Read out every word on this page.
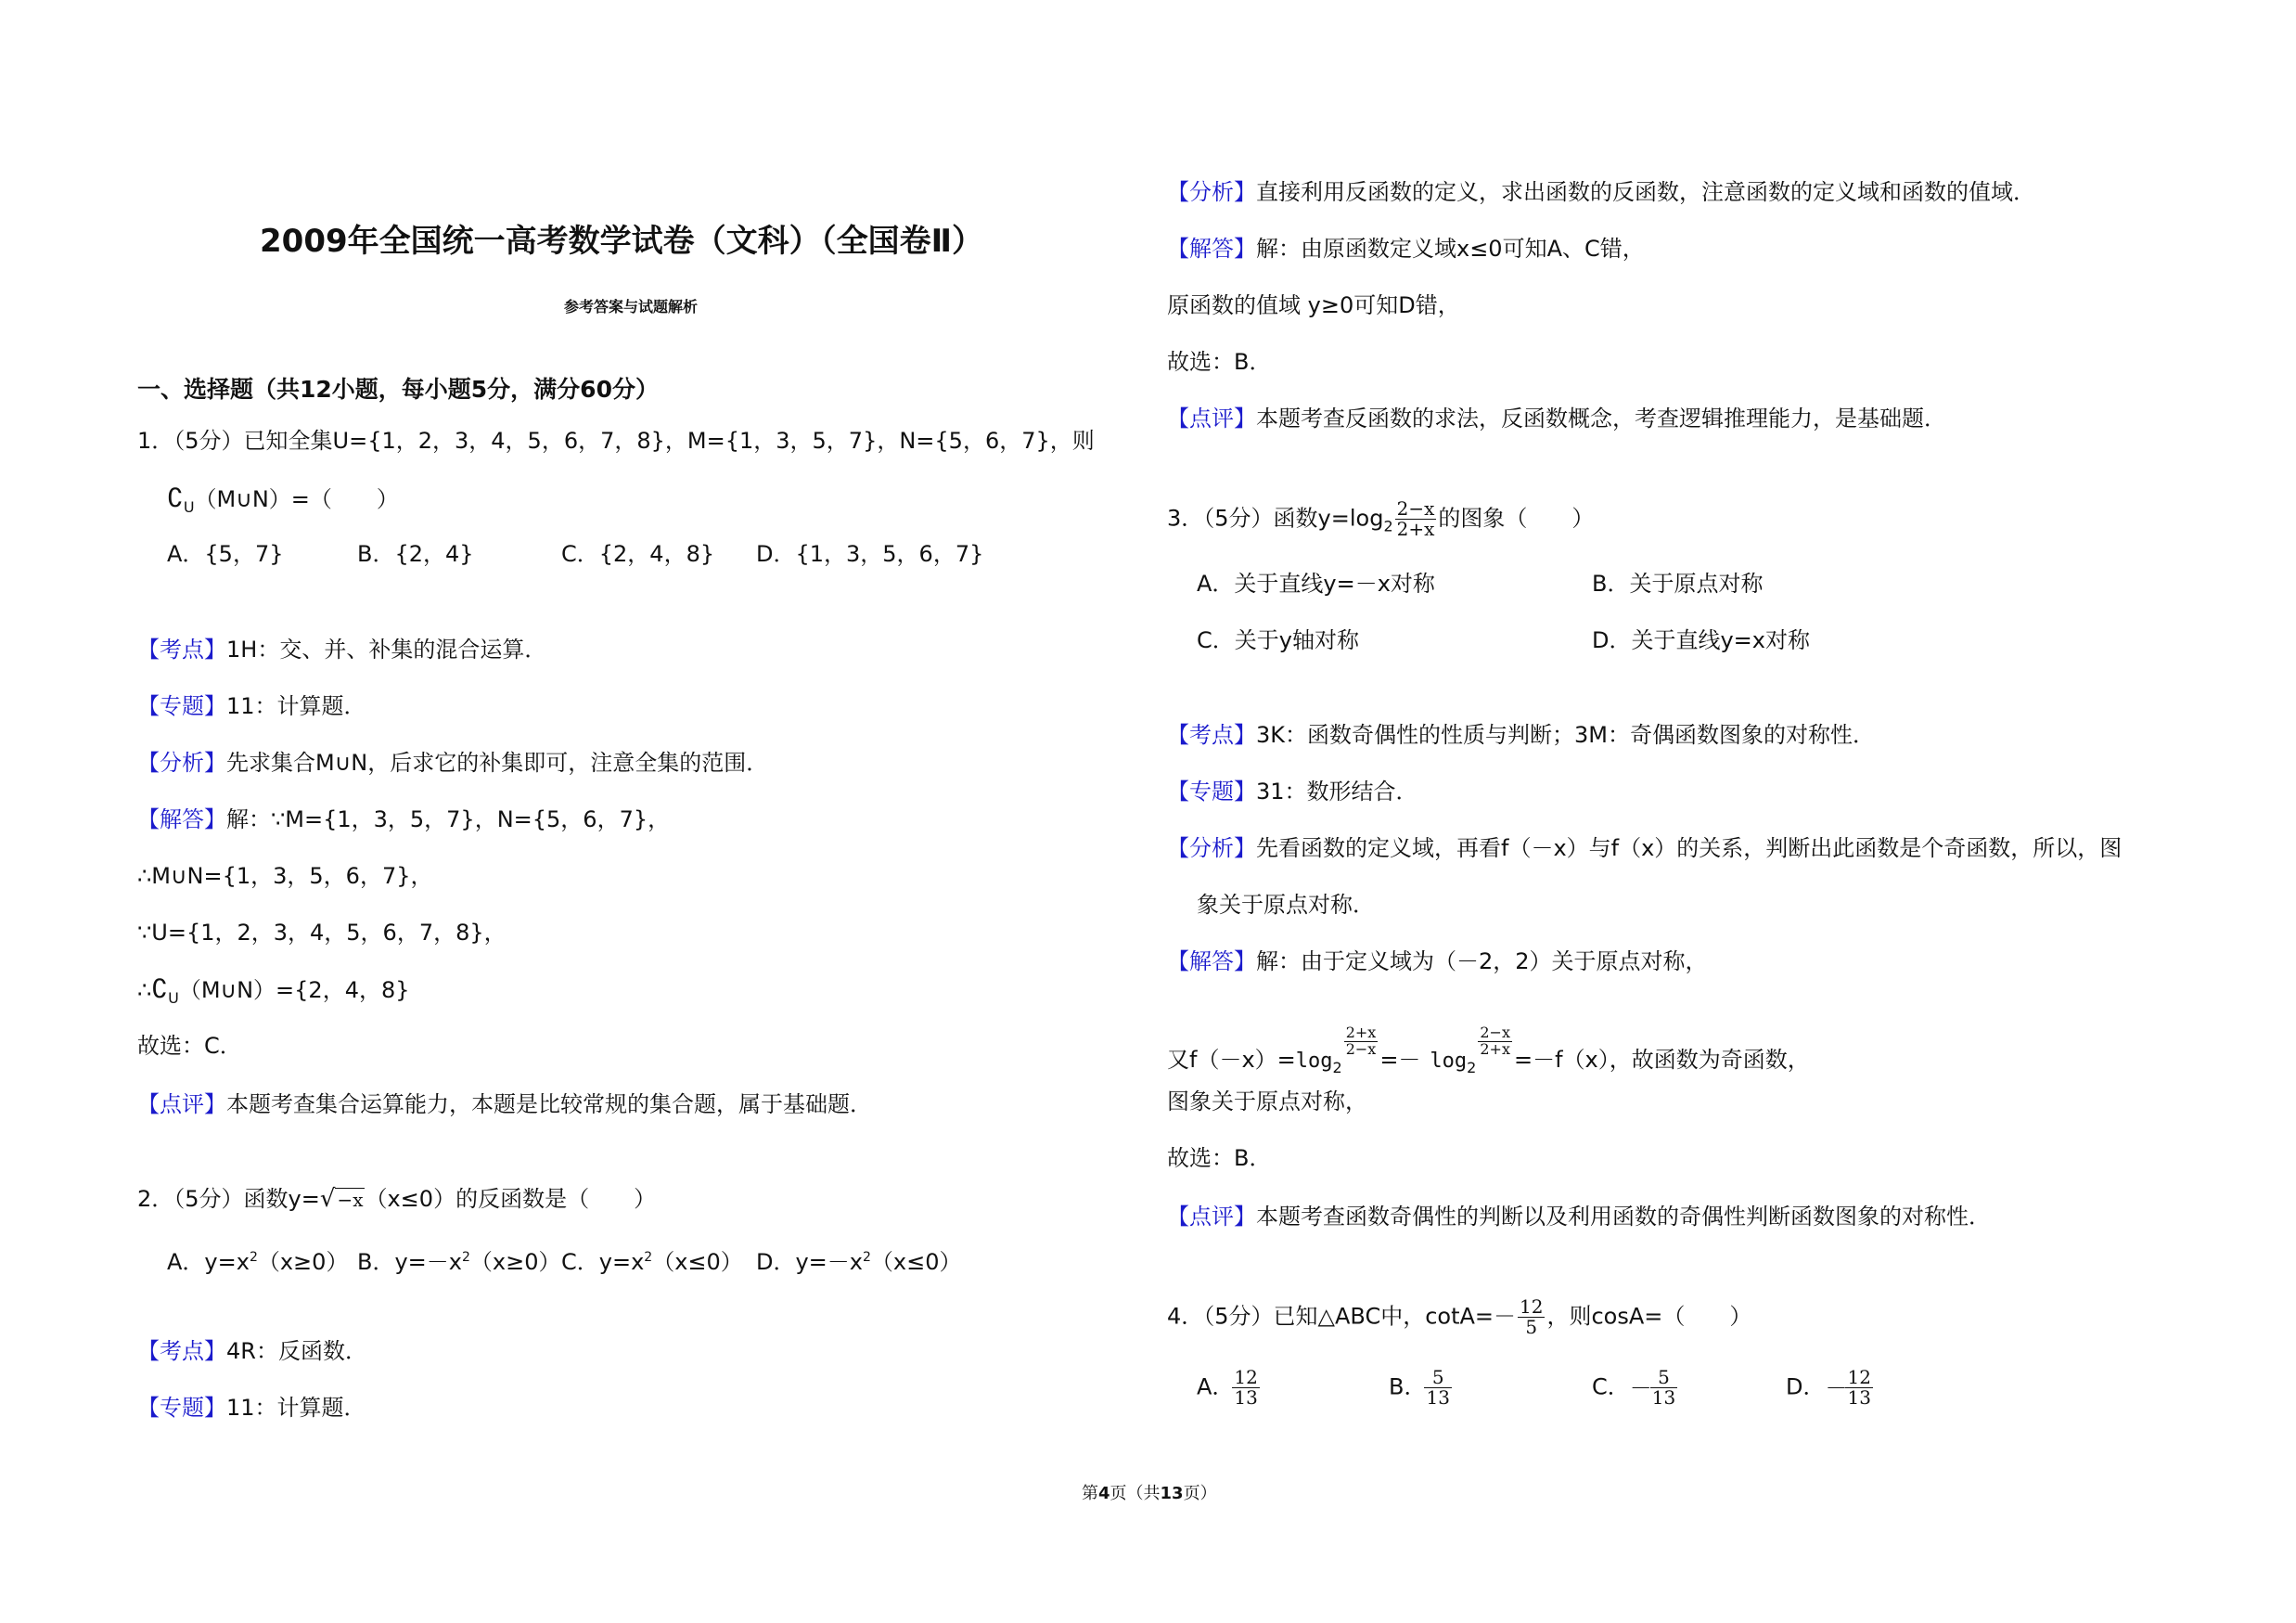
2009年全国统一高考数学试卷（文科）（全国卷Ⅱ）
参考答案与试题解析
一、选择题（共12小题，每小题5分，满分60分）
1．（5分）已知全集U={1，2，3，4，5，6，7，8}，M={1，3，5，7}，N={5，6，7}，则
$∁_U(M\cup N)=$（　　）
A．{5，7}	B．{2，4}	C．{2，4，8} D．{1，3，5，6，7}
【考点】1H：交、并、补集的混合运算．
【专题】11：计算题．
【分析】先求集合M∪N，后求它的补集即可，注意全集的范围．
【解答】解：∵M={1，3，5，7}，N={5，6，7}，
∴M∪N={1，3，5，6，7}，
∵U={1，2，3，4，5，6，7，8}，
$\therefore∁_U(M\cup N)=\{2$，4，8}
故选：C．
【点评】本题考查集合运算能力，本题是比较常规的集合题，属于基础题．
2．（5分）函数y=√ −x（x≤0）的反函数是（　　）
A．$y=x^2(x\ge 0)$ B．$y=-x^2(x\ge 0)$ C．$y=x^2(x\le 0)$ D．$y=-x^2(x\le 0)$
【考点】4R：反函数．
【专题】11：计算题．
【分析】直接利用反函数的定义，求出函数的反函数，注意函数的定义域和函数的值域．
【解答】解：由原函数定义域x≤0可知A、C错，
原函数的值域 y≥0可知D错，
故选：B．
【点评】本题考查反函数的求法，反函数概念，考查逻辑推理能力，是基础题．
3．（5分）函数$y=\log_2 \frac{2-x}{2+x}$ 的图象（　　）
A．关于直线y=－x对称	B．关于原点对称
C．关于y轴对称	D．关于直线y=x对称
【考点】3K：函数奇偶性的性质与判断；3M：奇偶函数图象的对称性．
【专题】31：数形结合．
【分析】先看函数的定义域，再看f（－x）与f（x）的关系，判断出此函数是个奇函数，所以，图
象关于原点对称．
【解答】解：由于定义域为（－2，2）关于原点对称，
又$f(-x)=\log_2$
$\frac{2+x}{2-x}$
=－ $\log_2$
$\frac{2-x}{2+x}$
=－f（x），故函数为奇函数，
图象关于原点对称，
故选：B．
【点评】本题考查函数奇偶性的判断以及利用函数的奇偶性判断函数图象的对称性．
4．（5分）已知△ABC中，$\cot A=- \frac{12}{5}$ ，则cosA=（　　）
A．
$\frac{12}{13}$	B．
$\frac{5}{13}$	C．－
$\frac{5}{13}$	D．－
$\frac{12}{13}$
第4页（共13页）
